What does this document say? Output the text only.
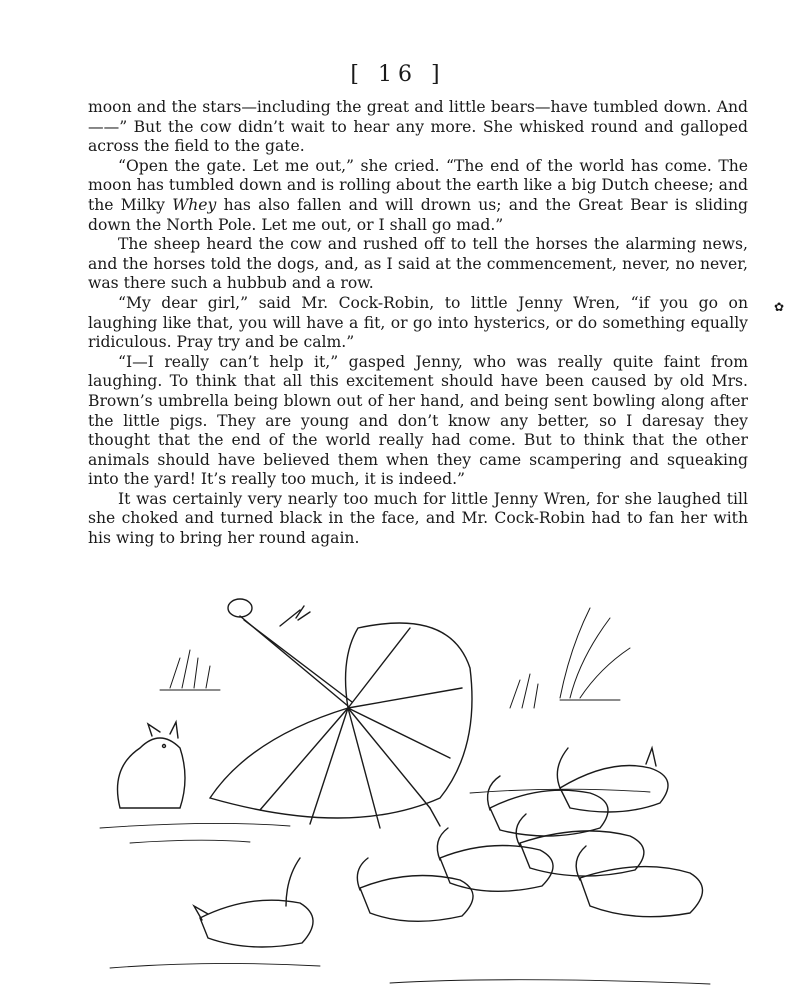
[ 16 ]

moon and the stars—including the great and little bears—have tumbled down. And——” But the cow didn’t wait to hear any more. She whisked round and galloped across the field to the gate.

“Open the gate. Let me out,” she cried. “The end of the world has come. The moon has tumbled down and is rolling about the earth like a big Dutch cheese; and the Milky Whey has also fallen and will drown us; and the Great Bear is sliding down the North Pole. Let me out, or I shall go mad.”

The sheep heard the cow and rushed off to tell the horses the alarming news, and the horses told the dogs, and, as I said at the commencement, never, no never, was there such a hubbub and a row.

“My dear girl,” said Mr. Cock-Robin, to little Jenny Wren, “if you go on laughing like that, you will have a fit, or go into hysterics, or do something equally ridiculous. Pray try and be calm.”

“I—I really can’t help it,” gasped Jenny, who was really quite faint from laughing. To think that all this excitement should have been caused by old Mrs. Brown’s umbrella being blown out of her hand, and being sent bowling along after the little pigs. They are young and don’t know any better, so I daresay they thought that the end of the world really had come. But to think that the other animals should have believed them when they came scampering and squeaking into the yard! It’s really too much, it is indeed.”

It was certainly very nearly too much for little Jenny Wren, for she laughed till she choked and turned black in the face, and Mr. Cock-Robin had to fan her with his wing to bring her round again.

✿
